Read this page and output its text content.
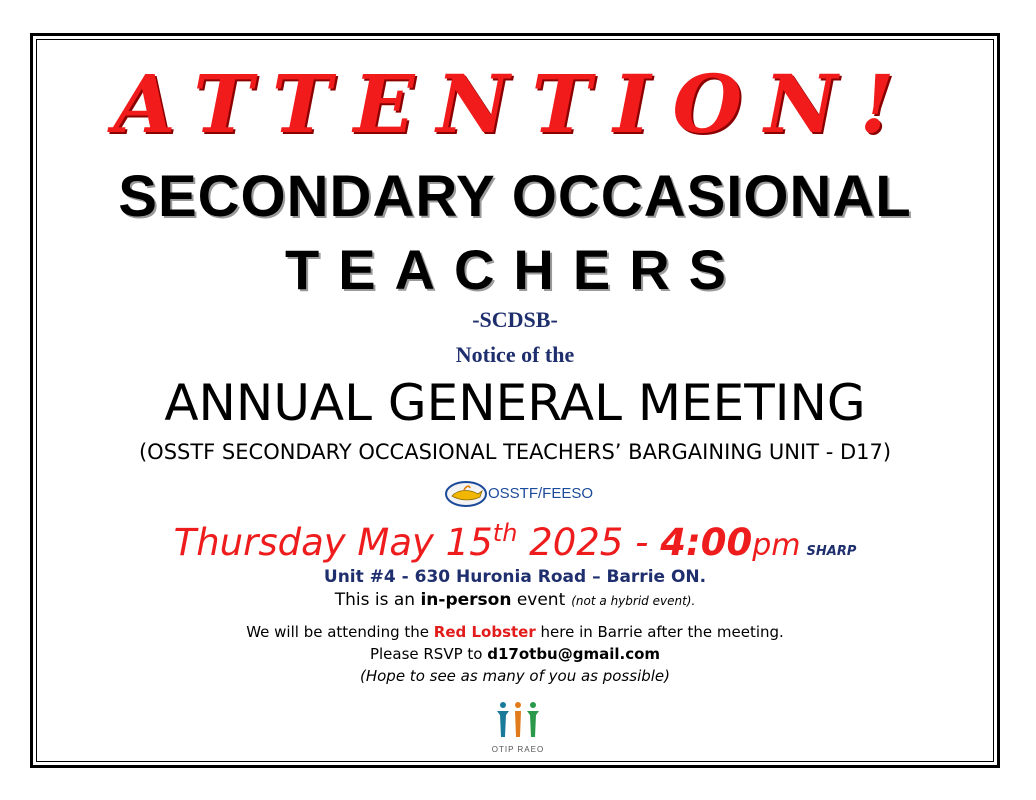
ATTENTION!
SECONDARY OCCASIONAL
TEACHERS
-SCDSB-
Notice of the
ANNUAL GENERAL MEETING
(OSSTF SECONDARY OCCASIONAL TEACHERS’ BARGAINING UNIT - D17)
OSSTF/FEESO
Thursday May 15th 2025 - 4:00pm SHARP
Unit #4 - 630 Huronia Road – Barrie ON.
This is an in-person event (not a hybrid event).
We will be attending the Red Lobster here in Barrie after the meeting.
Please RSVP to d17otbu@gmail.com
(Hope to see as many of you as possible)
OTIP RAEO
